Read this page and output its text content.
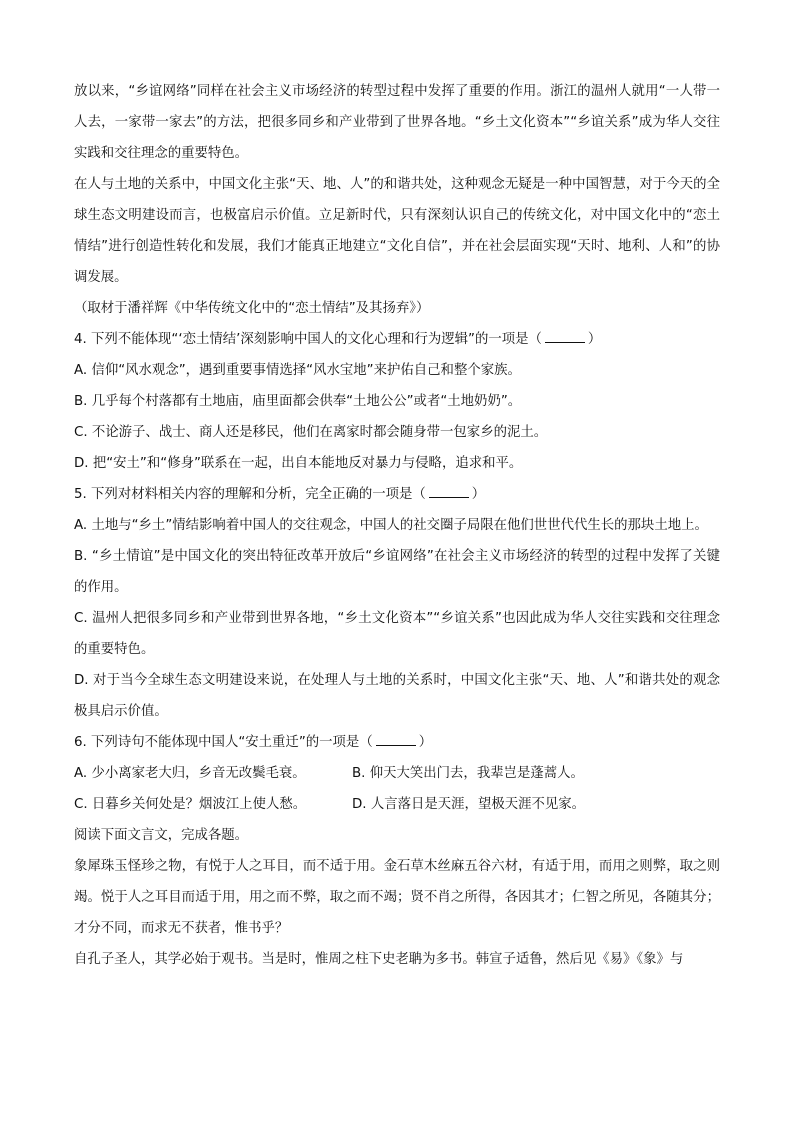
放以来，“乡谊网络”同样在社会主义市场经济的转型过程中发挥了重要的作用。浙江的温州人就用“一人带一人去，一家带一家去”的方法，把很多同乡和产业带到了世界各地。“乡土文化资本”“乡谊关系”成为华人交往实践和交往理念的重要特色。

在人与土地的关系中，中国文化主张“天、地、人”的和谐共处，这种观念无疑是一种中国智慧，对于今天的全球生态文明建设而言，也极富启示价值。立足新时代，只有深刻认识自己的传统文化，对中国文化中的“恋土情结”进行创造性转化和发展，我们才能真正地建立“文化自信”，并在社会层面实现“天时、地利、人和”的协调发展。

（取材于潘祥辉《中华传统文化中的“恋土情结”及其扬弃》）

4. 下列不能体现“‘恋土情结’深刻影响中国人的文化心理和行为逻辑”的一项是（	）
A. 信仰“风水观念”，遇到重要事情选择“风水宝地”来护佑自己和整个家族。
B. 几乎每个村落都有土地庙，庙里面都会供奉“土地公公”或者“土地奶奶”。
C. 不论游子、战士、商人还是移民，他们在离家时都会随身带一包家乡的泥土。
D. 把“安土”和“修身”联系在一起，出自本能地反对暴力与侵略，追求和平。
5. 下列对材料相关内容的理解和分析，完全正确的一项是（	）

A. 土地与“乡土”情结影响着中国人的交往观念，中国人的社交圈子局限在他们世世代代生长的那块土地上。

B. “乡土情谊”是中国文化的突出特征改革开放后“乡谊网络”在社会主义市场经济的转型的过程中发挥了关键的作用。

C. 温州人把很多同乡和产业带到世界各地，“乡土文化资本”“乡谊关系”也因此成为华人交往实践和交往理念的重要特色。

D. 对于当今全球生态文明建设来说，在处理人与土地的关系时，中国文化主张“天、地、人”和谐共处的观念极具启示价值。

6. 下列诗句不能体现中国人“安土重迁”的一项是（	）
A. 少小离家老大归，乡音无改鬓毛衰。	B. 仰天大笑出门去，我辈岂是蓬蒿人。
C. 日暮乡关何处是？烟波江上使人愁。	D. 人言落日是天涯，望极天涯不见家。
阅读下面文言文，完成各题。

象犀珠玉怪珍之物，有悦于人之耳目，而不适于用。金石草木丝麻五谷六材，有适于用，而用之则弊，取之则竭。悦于人之耳目而适于用，用之而不弊，取之而不竭；贤不肖之所得，各因其才；仁智之所见，各随其分；才分不同，而求无不获者，惟书乎？

自孔子圣人，其学必始于观书。当是时，惟周之柱下史老聃为多书。韩宣子适鲁，然后见《易》《象》与
